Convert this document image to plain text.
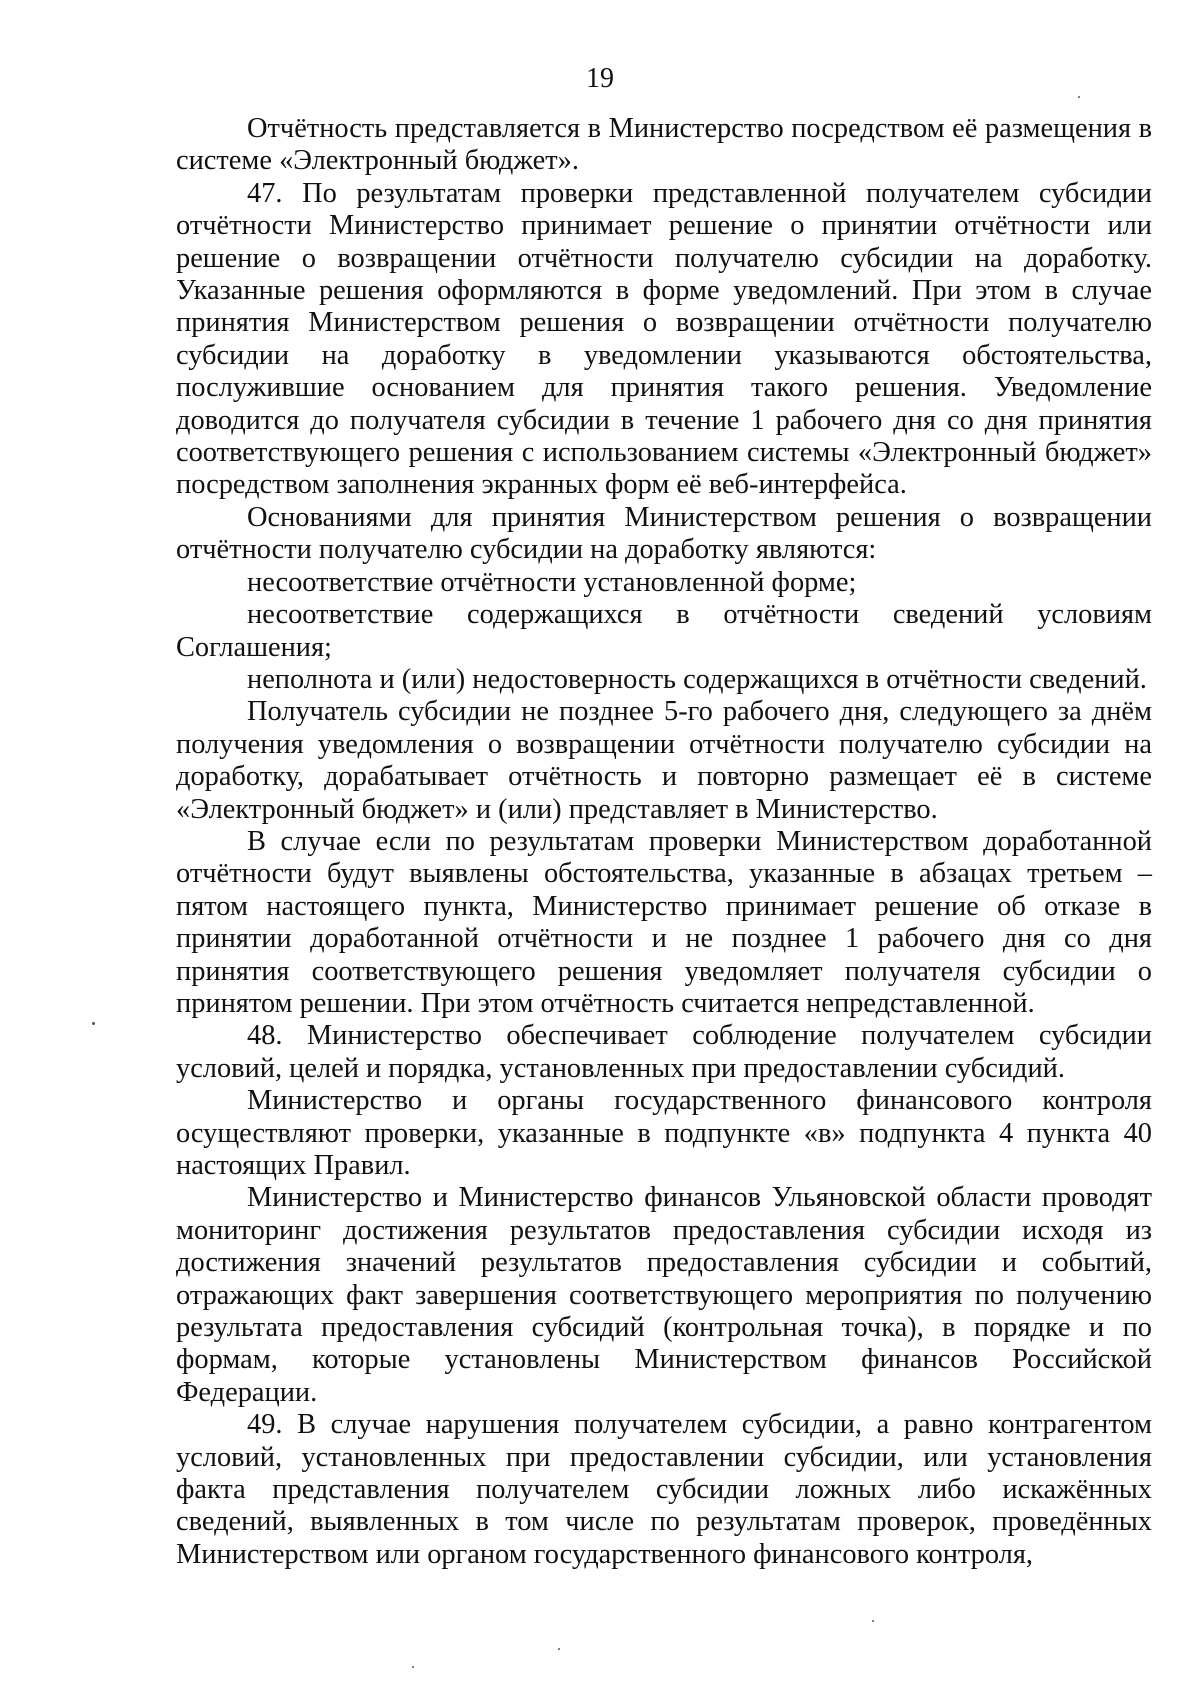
19

Отчётность представляется в Министерство посредством её размещения в системе «Электронный бюджет».

47. По результатам проверки представленной получателем субсидии отчётности Министерство принимает решение о принятии отчётности или решение о возвращении отчётности получателю субсидии на доработку. Указанные решения оформляются в форме уведомлений. При этом в случае принятия Министерством решения о возвращении отчётности получателю субсидии на доработку в уведомлении указываются обстоятельства, послужившие основанием для принятия такого решения. Уведомление доводится до получателя субсидии в течение 1 рабочего дня со дня принятия соответствующего решения с использованием системы «Электронный бюджет» посредством заполнения экранных форм её веб-интерфейса.

Основаниями для принятия Министерством решения о возвращении отчётности получателю субсидии на доработку являются:

несоответствие отчётности установленной форме;

несоответствие содержащихся в отчётности сведений условиям Соглашения;

неполнота и (или) недостоверность содержащихся в отчётности сведений.

Получатель субсидии не позднее 5-го рабочего дня, следующего за днём получения уведомления о возвращении отчётности получателю субсидии на доработку, дорабатывает отчётность и повторно размещает её в системе «Электронный бюджет» и (или) представляет в Министерство.

В случае если по результатам проверки Министерством доработанной отчётности будут выявлены обстоятельства, указанные в абзацах третьем – пятом настоящего пункта, Министерство принимает решение об отказе в принятии доработанной отчётности и не позднее 1 рабочего дня со дня принятия соответствующего решения уведомляет получателя субсидии о принятом решении. При этом отчётность считается непредставленной.

48. Министерство обеспечивает соблюдение получателем субсидии условий, целей и порядка, установленных при предоставлении субсидий.

Министерство и органы государственного финансового контроля осуществляют проверки, указанные в подпункте «в» подпункта 4 пункта 40 настоящих Правил.

Министерство и Министерство финансов Ульяновской области проводят мониторинг достижения результатов предоставления субсидии исходя из достижения значений результатов предоставления субсидии и событий, отражающих факт завершения соответствующего мероприятия по получению результата предоставления субсидий (контрольная точка), в порядке и по формам, которые установлены Министерством финансов Российской Федерации.

49. В случае нарушения получателем субсидии, а равно контрагентом условий, установленных при предоставлении субсидии, или установления факта представления получателем субсидии ложных либо искажённых сведений, выявленных в том числе по результатам проверок, проведённых Министерством или органом государственного финансового контроля,
